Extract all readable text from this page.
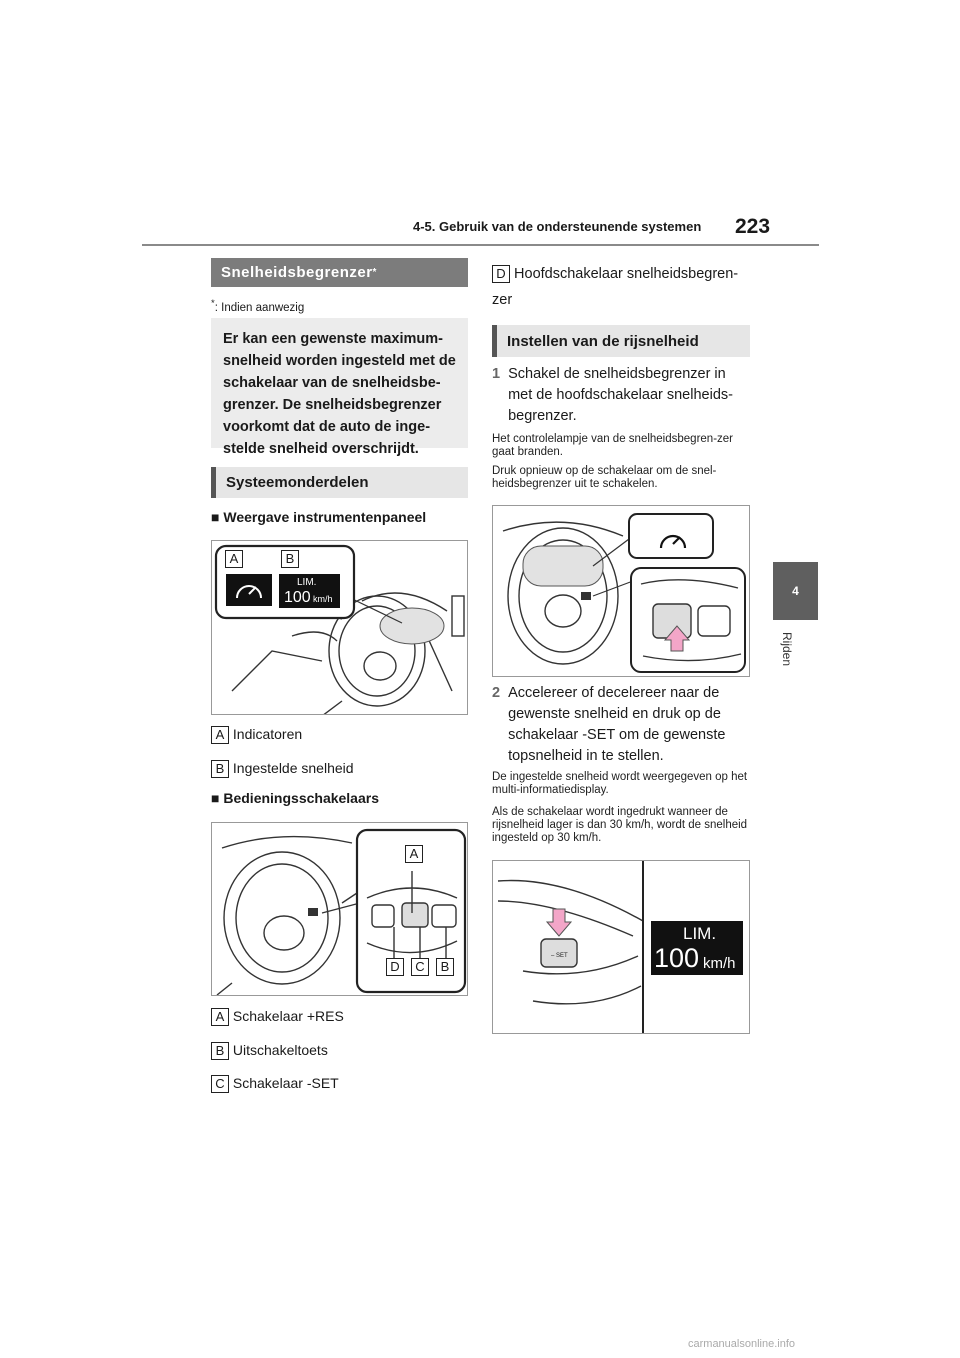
4-5. Gebruik van de ondersteunende systemen 223
4
Rijden
Snelheidsbegrenzer *
*: Indien aanwezig
Er kan een gewenste maximum-snelheid worden ingesteld met de schakelaar van de snelheidsbe-grenzer. De snelheidsbegrenzer voorkomt dat de auto de inge-stelde snelheid overschrijdt.
Systeemonderdelen
■ Weergave instrumentenpaneel
A	B
LIM.
100 km/h
A Indicatoren
B Ingestelde snelheid
■ Bedieningsschakelaars
A
D	C	B
A Schakelaar +RES
B Uitschakeltoets
C Schakelaar -SET
D Hoofdschakelaar snelheidsbegren-zer
Instellen van de rijsnelheid
1 Schakel de snelheidsbegrenzer in met de hoofdschakelaar snelheids-begrenzer.
Het controlelampje van de snelheidsbegren-zer gaat branden.
Druk opnieuw op de schakelaar om de snel-heidsbegrenzer uit te schakelen.
2 Accelereer of decelereer naar de gewenste snelheid en druk op de schakelaar -SET om de gewenste topsnelheid in te stellen.
De ingestelde snelheid wordt weergegeven op het multi-informatiedisplay.
Als de schakelaar wordt ingedrukt wanneer de rijsnelheid lager is dan 30 km/h, wordt de snelheid ingesteld op 30 km/h.
– SET
LIM.
100 km/h
carmanualsonline.info
